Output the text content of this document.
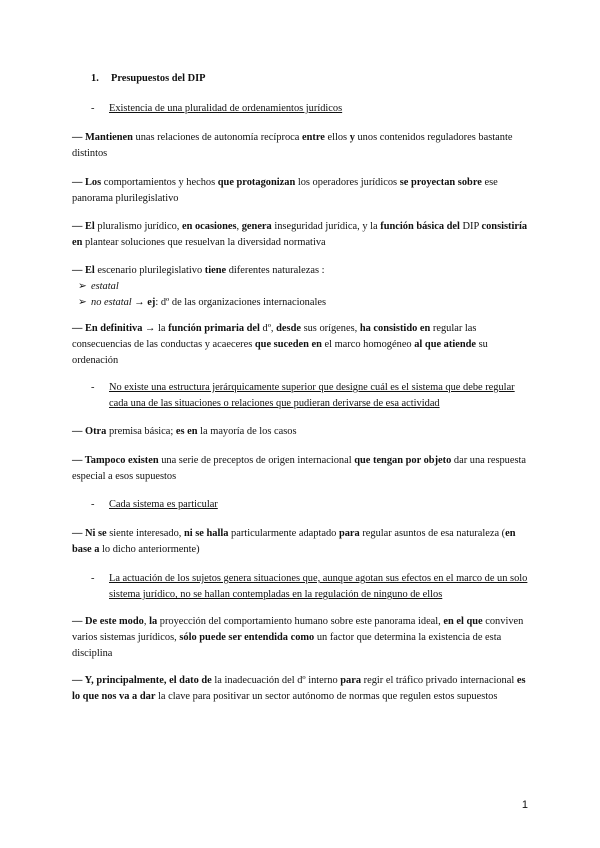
1. Presupuestos del DIP
- Existencia de una pluralidad de ordenamientos jurídicos
— Mantienen unas relaciones de autonomía recíproca entre ellos y unos contenidos reguladores bastante distintos
— Los comportamientos y hechos que protagonizan los operadores jurídicos se proyectan sobre ese panorama plurilegislativo
— El pluralismo jurídico, en ocasiones, genera inseguridad jurídica, y la función básica del DIP consistiría en plantear soluciones que resuelvan la diversidad normativa
— El escenario plurilegislativo tiene diferentes naturalezas :
➢ estatal
➢ no estatal → ej: dº de las organizaciones internacionales
— En definitiva → la función primaria del dº, desde sus orígenes, ha consistido en regular las consecuencias de las conductas y acaeceres que suceden en el marco homogéneo al que atiende su ordenación
- No existe una estructura jerárquicamente superior que designe cuál es el sistema que debe regular cada una de las situaciones o relaciones que pudieran derivarse de esa actividad
— Otra premisa básica; es en la mayoría de los casos
— Tampoco existen una serie de preceptos de origen internacional que tengan por objeto dar una respuesta especial a esos supuestos
- Cada sistema es particular
— Ni se siente interesado, ni se halla particularmente adaptado para regular asuntos de esa naturaleza (en base a lo dicho anteriormente)
- La actuación de los sujetos genera situaciones que, aunque agotan sus efectos en el marco de un solo sistema jurídico, no se hallan contempladas en la regulación de ninguno de ellos
— De este modo, la proyección del comportamiento humano sobre este panorama ideal, en el que conviven varios sistemas jurídicos, sólo puede ser entendida como un factor que determina la existencia de esta disciplina
— Y, principalmente, el dato de la inadecuación del dº interno para regir el tráfico privado internacional es lo que nos va a dar la clave para positivar un sector autónomo de normas que regulen estos supuestos
1
